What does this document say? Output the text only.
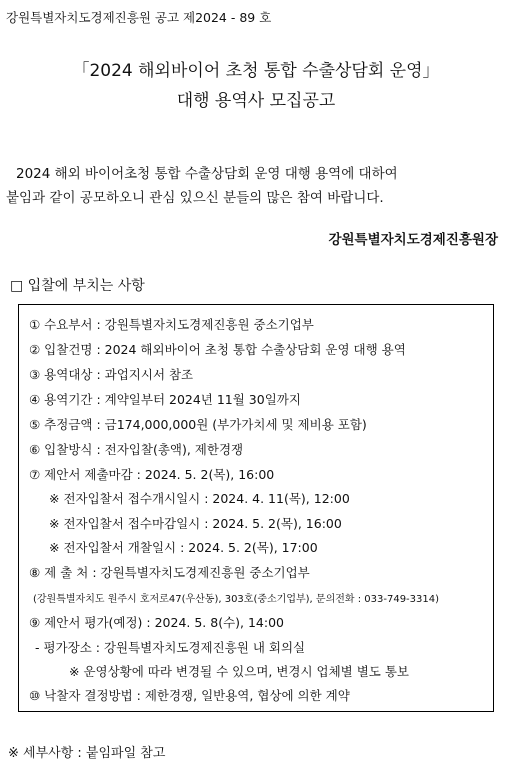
강원특별자치도경제진흥원 공고 제2024 - 89 호
「2024 해외바이어 초청 통합 수출상담회 운영」
대행 용역사 모집공고
2024 해외 바이어초청 통합 수출상담회 운영 대행 용역에 대하여
붙임과 같이 공모하오니 관심 있으신 분들의 많은 참여 바랍니다.
강원특별자치도경제진흥원장
□ 입찰에 부치는 사항
① 수요부서 : 강원특별자치도경제진흥원 중소기업부
② 입찰건명 : 2024 해외바이어 초청 통합 수출상담회 운영 대행 용역
③ 용역대상 : 과업지시서 참조
④ 용역기간 : 계약일부터 2024년 11월 30일까지
⑤ 추정금액 : 금174,000,000원 (부가가치세 및 제비용 포함)
⑥ 입찰방식 : 전자입찰(총액), 제한경쟁
⑦ 제안서 제출마감 : 2024. 5. 2(목), 16:00
※ 전자입찰서 접수개시일시 : 2024. 4. 11(목), 12:00
※ 전자입찰서 접수마감일시 : 2024. 5. 2(목), 16:00
※ 전자입찰서 개찰일시 : 2024. 5. 2(목), 17:00
⑧ 제 출 처 : 강원특별자치도경제진흥원 중소기업부
(강원특별자치도 원주시 호저로47(우산동), 303호(중소기업부), 문의전화 : 033-749-3314)
⑨ 제안서 평가(예정) : 2024. 5. 8(수), 14:00
- 평가장소 : 강원특별자치도경제진흥원 내 회의실
※ 운영상황에 따라 변경될 수 있으며, 변경시 업체별 별도 통보
⑩ 낙찰자 결정방법 : 제한경쟁, 일반용역, 협상에 의한 계약
※ 세부사항 : 붙임파일 참고
